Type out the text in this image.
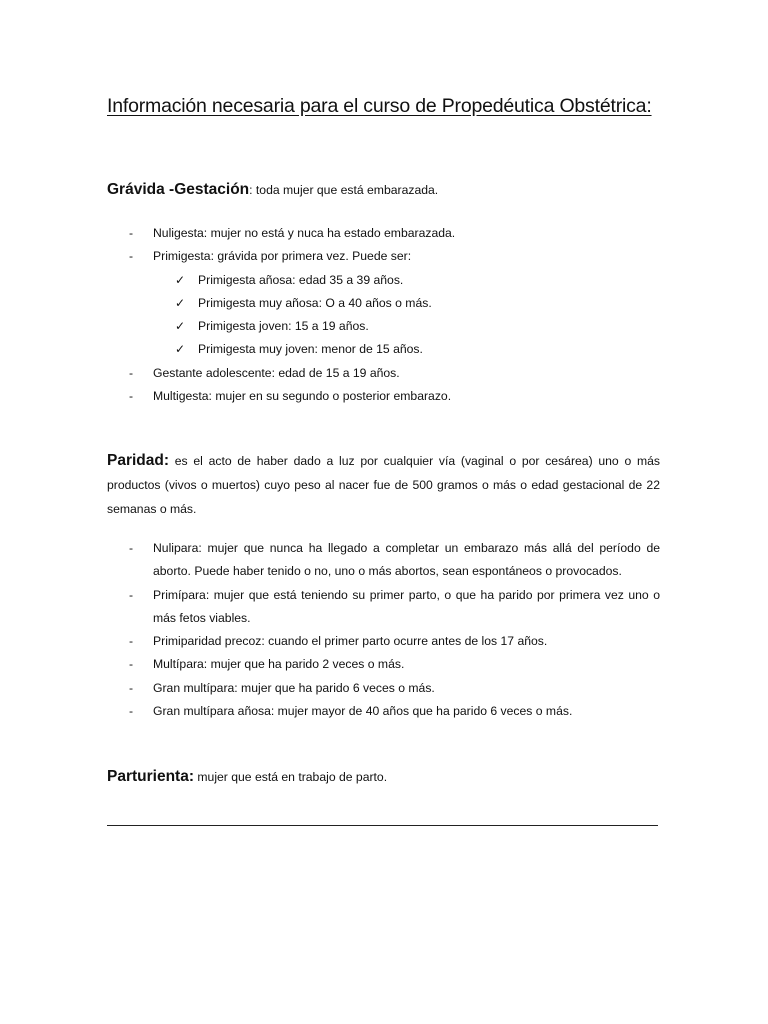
Información necesaria para el curso de Propedéutica Obstétrica:

Grávida -Gestación: toda mujer que está embarazada.

- Nuligesta: mujer no está y nuca ha estado embarazada.
- Primigesta: grávida por primera vez. Puede ser:
✓ Primigesta añosa: edad 35 a 39 años.
✓ Primigesta muy añosa: O a 40 años o más.
✓ Primigesta joven: 15 a 19 años.
✓ Primigesta muy joven: menor de 15 años.
- Gestante adolescente: edad de 15 a 19 años.
- Multigesta: mujer en su segundo o posterior embarazo.

Paridad: es el acto de haber dado a luz por cualquier vía (vaginal o por cesárea) uno o más productos (vivos o muertos) cuyo peso al nacer fue de 500 gramos o más o edad gestacional de 22 semanas o más.

- Nulipara: mujer que nunca ha llegado a completar un embarazo más allá del período de aborto. Puede haber tenido o no, uno o más abortos, sean espontáneos o provocados.
- Primípara: mujer que está teniendo su primer parto, o que ha parido por primera vez uno o más fetos viables.
- Primiparidad precoz: cuando el primer parto ocurre antes de los 17 años.
- Multípara: mujer que ha parido 2 veces o más.
- Gran multípara: mujer que ha parido 6 veces o más.
- Gran multípara añosa: mujer mayor de 40 años que ha parido 6 veces o más.

Parturienta: mujer que está en trabajo de parto.
